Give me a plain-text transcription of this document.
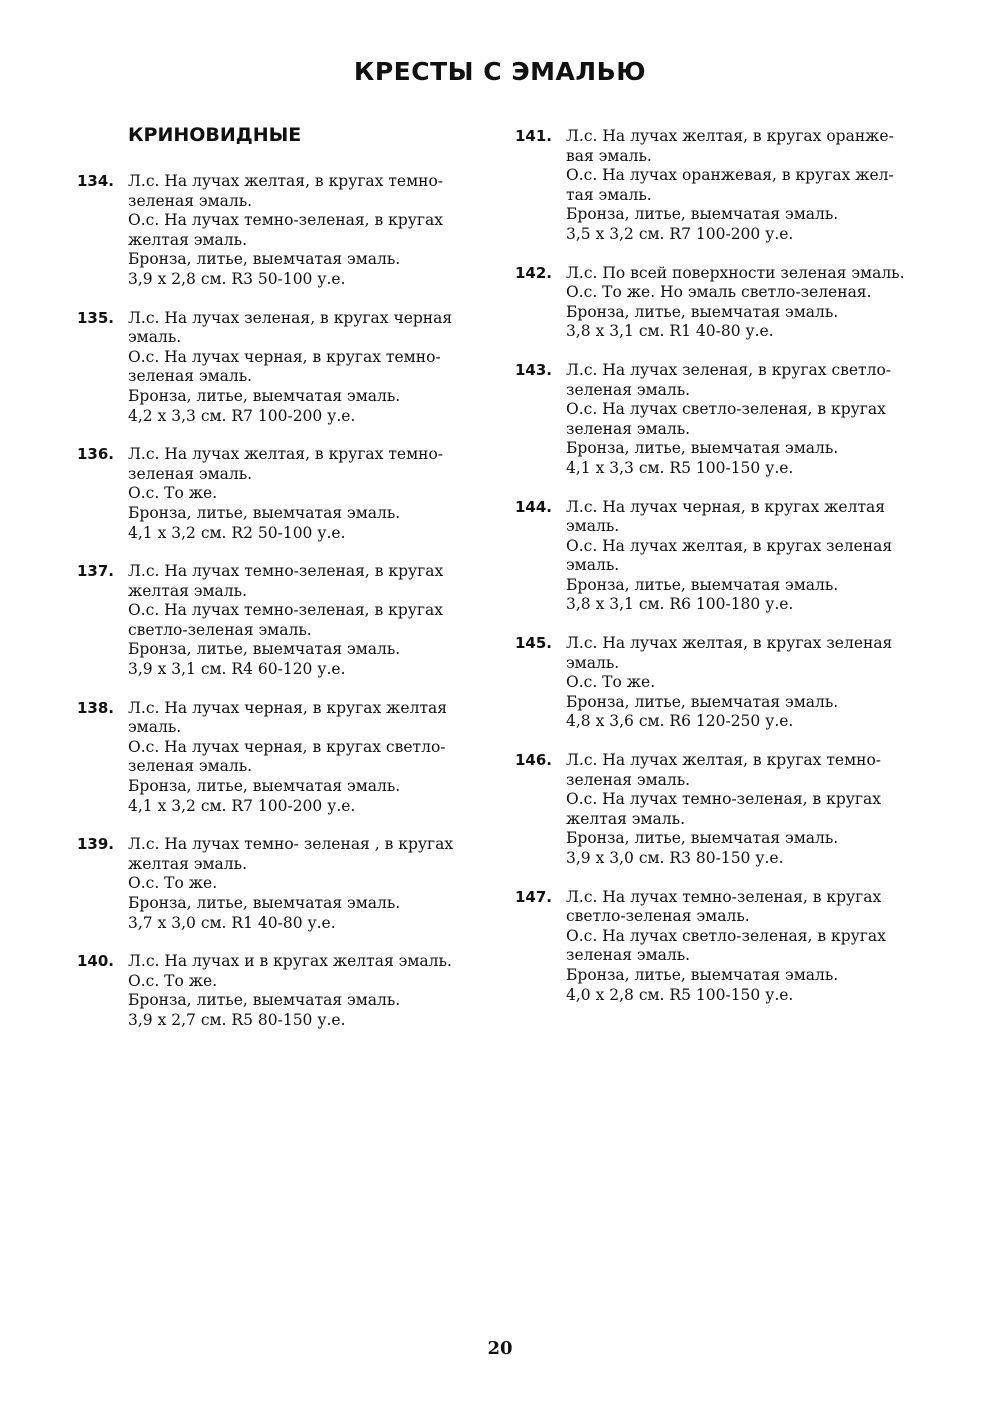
КРЕСТЫ С ЭМАЛЬЮ
КРИНОВИДНЫЕ
134. Л.с. На лучах желтая, в кругах темно-
зеленая эмаль.
О.с. На лучах темно-зеленая, в кругах
желтая эмаль.
Бронза, литье, выемчатая эмаль.
3,9 х 2,8 см. R3 50-100 у.е.
135. Л.с. На лучах зеленая, в кругах черная
эмаль.
О.с. На лучах черная, в кругах темно-
зеленая эмаль.
Бронза, литье, выемчатая эмаль.
4,2 х 3,3 см. R7 100-200 у.е.
136. Л.с. На лучах желтая, в кругах темно-
зеленая эмаль.
О.с. То же.
Бронза, литье, выемчатая эмаль.
4,1 х 3,2 см. R2 50-100 у.е.
137. Л.с. На лучах темно-зеленая, в кругах
желтая эмаль.
О.с. На лучах темно-зеленая, в кругах
светло-зеленая эмаль.
Бронза, литье, выемчатая эмаль.
3,9 х 3,1 см. R4 60-120 у.е.
138. Л.с. На лучах черная, в кругах желтая
эмаль.
О.с. На лучах черная, в кругах светло-
зеленая эмаль.
Бронза, литье, выемчатая эмаль.
4,1 х 3,2 см. R7 100-200 у.е.
139. Л.с. На лучах темно- зеленая , в кругах
желтая эмаль.
О.с. То же.
Бронза, литье, выемчатая эмаль.
3,7 х 3,0 см. R1 40-80 у.е.
140. Л.с. На лучах и в кругах желтая эмаль.
О.с. То же.
Бронза, литье, выемчатая эмаль.
3,9 х 2,7 см. R5 80-150 у.е.
141. Л.с. На лучах желтая, в кругах оранже-
вая эмаль.
О.с. На лучах оранжевая, в кругах жел-
тая эмаль.
Бронза, литье, выемчатая эмаль.
3,5 х 3,2 см. R7 100-200 у.е.
142. Л.с. По всей поверхности зеленая эмаль.
О.с. То же. Но эмаль светло-зеленая.
Бронза, литье, выемчатая эмаль.
3,8 х 3,1 см. R1 40-80 у.е.
143. Л.с. На лучах зеленая, в кругах светло-
зеленая эмаль.
О.с. На лучах светло-зеленая, в кругах
зеленая эмаль.
Бронза, литье, выемчатая эмаль.
4,1 х 3,3 см. R5 100-150 у.е.
144. Л.с. На лучах черная, в кругах желтая
эмаль.
О.с. На лучах желтая, в кругах зеленая
эмаль.
Бронза, литье, выемчатая эмаль.
3,8 х 3,1 см. R6 100-180 у.е.
145. Л.с. На лучах желтая, в кругах зеленая
эмаль.
О.с. То же.
Бронза, литье, выемчатая эмаль.
4,8 х 3,6 см. R6 120-250 у.е.
146. Л.с. На лучах желтая, в кругах темно-
зеленая эмаль.
О.с. На лучах темно-зеленая, в кругах
желтая эмаль.
Бронза, литье, выемчатая эмаль.
3,9 х 3,0 см. R3 80-150 у.е.
147. Л.с. На лучах темно-зеленая, в кругах
светло-зеленая эмаль.
О.с. На лучах светло-зеленая, в кругах
зеленая эмаль.
Бронза, литье, выемчатая эмаль.
4,0 х 2,8 см. R5 100-150 у.е.
20
